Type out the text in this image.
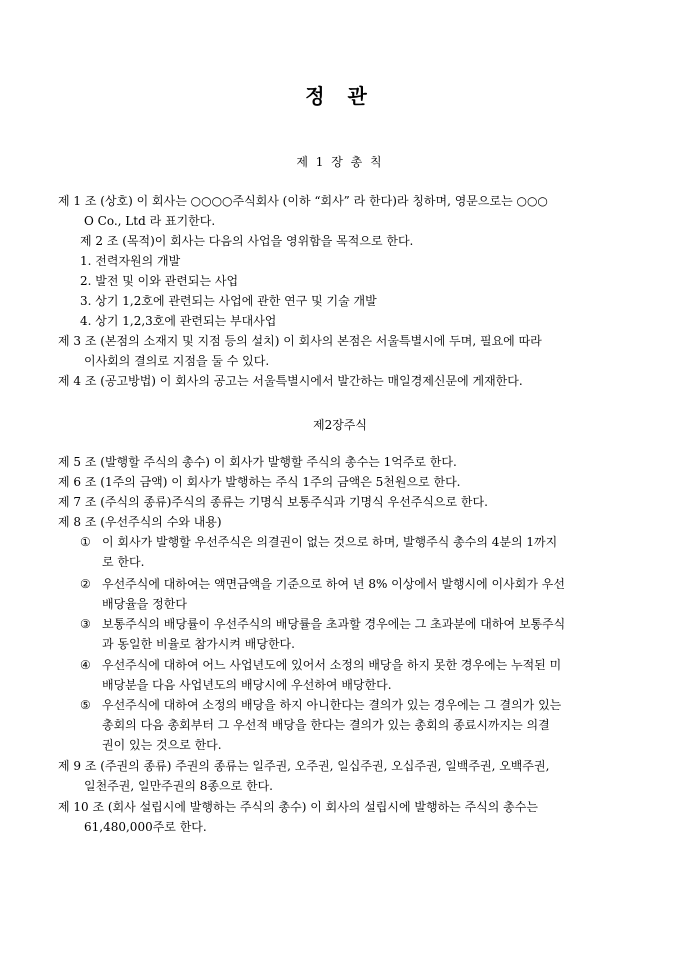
정 관
제 1 장 총 칙
제 1 조 (상호) 이 회사는 ○○○○주식회사 (이하 “회사” 라 한다)라 칭하며, 영문으로는 ○○○
O Co., Ltd 라 표기한다.
제 2 조 (목적)이 회사는 다음의 사업을 영위함을 목적으로 한다.
1. 전력자원의 개발
2. 발전 및 이와 관련되는 사업
3. 상기 1,2호에 관련되는 사업에 관한 연구 및 기술 개발
4. 상기 1,2,3호에 관련되는 부대사업
제 3 조 (본점의 소재지 및 지점 등의 설치) 이 회사의 본점은 서울특별시에 두며, 필요에 따라
이사회의 결의로 지점을 둘 수 있다.
제 4 조 (공고방법) 이 회사의 공고는 서울특별시에서 발간하는 매일경제신문에 게재한다.
제2장주식
제 5 조 (발행할 주식의 총수) 이 회사가 발행할 주식의 총수는 1억주로 한다.
제 6 조 (1주의 금액) 이 회사가 발행하는 주식 1주의 금액은 5천원으로 한다.
제 7 조 (주식의 종류)주식의 종류는 기명식 보통주식과 기명식 우선주식으로 한다.
제 8 조 (우선주식의 수와 내용)
① 이 회사가 발행할 우선주식은 의결권이 없는 것으로 하며, 발행주식 총수의 4분의 1까지
로 한다.
② 우선주식에 대하여는 액면금액을 기준으로 하여 년 8% 이상에서 발행시에 이사회가 우선
배당율을 정한다
③ 보통주식의 배당률이 우선주식의 배당률을 초과할 경우에는 그 초과분에 대하여 보통주식
과 동일한 비율로 참가시켜 배당한다.
④ 우선주식에 대하여 어느 사업년도에 있어서 소정의 배당을 하지 못한 경우에는 누적된 미
배당분을 다음 사업년도의 배당시에 우선하여 배당한다.
⑤ 우선주식에 대하여 소정의 배당을 하지 아니한다는 결의가 있는 경우에는 그 결의가 있는
총회의 다음 총회부터 그 우선적 배당을 한다는 결의가 있는 총회의 종료시까지는 의결
권이 있는 것으로 한다.
제 9 조 (주권의 종류) 주권의 종류는 일주권, 오주권, 일십주권, 오십주권, 일백주권, 오백주권,
일천주권, 일만주권의 8종으로 한다.
제 10 조 (회사 설립시에 발행하는 주식의 총수) 이 회사의 설립시에 발행하는 주식의 총수는
61,480,000주로 한다.
